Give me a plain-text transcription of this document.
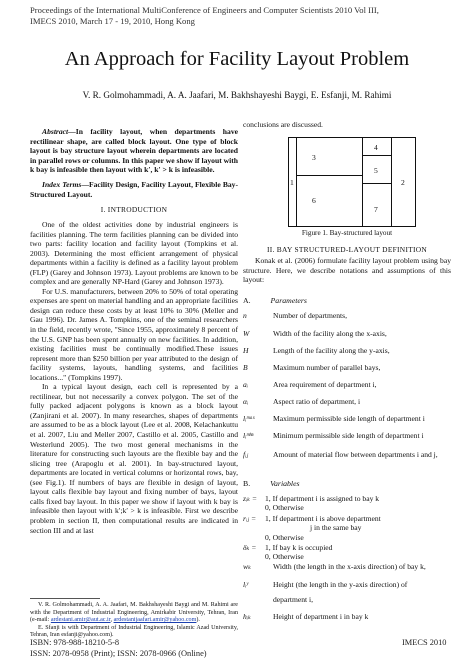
Proceedings of the International MultiConference of Engineers and Computer Scientists 2010 Vol III,
IMECS 2010, March 17 - 19, 2010, Hong Kong
An Approach for Facility Layout Problem
V. R. Golmohammadi, A. A. Jaafari, M. Bakhshayeshi Baygi, E. Esfanji, M. Rahimi
Abstract—In facility layout, when departments have rectilinear shape, are called block layout. One type of block layout is bay structure layout wherein departments are located in parallel rows or columns. In this paper we show if layout with k bay is infeasible then layout with k′, k′ > k is infeasible.
Index Terms—Facility Design, Facility Layout, Flexible Bay-Structured Layout.
I. INTRODUCTION

One of the oldest activities done by industrial engineers is facilities planning. The term facilities planning can be divided into two parts: facility location and facility layout (Tompkins et al. 2003). Determining the most efficient arrangement of physical departments within a facility is defined as a facility layout problem (FLP) (Garey and Johnson 1973). Layout problems are known to be complex and are generally NP-Hard (Garey and Johnson 1973).

For U.S. manufacturers, between 20% to 50% of total operating expenses are spent on material handling and an appropriate facilities design can reduce these costs by at least 10% to 30% (Meller and Gau 1996). Dr. James A. Tompkins, one of the seminal researchers in the field, recently wrote, "Since 1955, approximately 8 percent of the U.S. GNP has been spent annually on new facilities. In addition, existing facilities must be continually modified.These issues represent more than $250 billion per year attributed to the design of facility systems, layouts, handling systems, and facilities locations..." (Tompkins 1997).

In a typical layout design, each cell is represented by a rectilinear, but not necessarily a convex polygon. The set of the fully packed adjacent polygons is known as a block layout (Zanjirani et al. 2007). In many researches, shapes of departments are assumed to be as a block layout (Lee et al. 2008, Kelachankuttu et al. 2007, Liu and Meller 2007, Castillo et al. 2005, Castillo and Westerlund 2005). The two most general mechanisms in the literature for constructing such layouts are the flexible bay and the slicing tree (Arapoglu et al. 2001). In bay-structured layout, departments are located in vertical columns or horizontal rows, bay, (see Fig.1). If numbers of bays are flexible in design of layout, layout calls flexible bay layout and fixing number of bays, layout calls fixed bay layout. In this paper we show if layout with k bay is infeasible then layout with k′;k′ > k is infeasible. First we describe problem in section II, then computational results are indicated in section III and at last

V. R. Golmohammadi, A. A. Jaafari, M. Bakhshayeshi Baygi and M. Rahimi are with the Department of Industrial Engineering, Amirkabir University, Tehran, Iran (e-mail: ardestani.amir@aut.ac.ir, ardestanijaafari.amir@yahoo.com).
E. Sfanji is with Department of Industrial Engineering, Islamic Azad University, Tehran, Iran esfanji@yahoo.com).
ISBN: 978-988-18210-5-8
ISSN: 2078-0958 (Print); ISSN: 2078-0966 (Online)
IMECS 2010
conclusions are discussed.
1	2
3
4
5
6
7
Figure 1. Bay-structured layout
II. BAY STRUCTURED-LAYOUT DEFINITION

Konak et al. (2006) formulate facility layout problem using bay structure. Here, we describe notations and assumptions of this layout:

A.	Parameters
n	Number of departments,
W	Width of the facility along the x-axis,
H	Length of the facility along the y-axis,
B	Maximum number of parallel bays,
aᵢ	Area requirement of department i,
αᵢ	Aspect ratio of department, i
lᵢᵐᵃˣ	Maximum permissible side length of department i
lᵢᵐⁱⁿ	Minimum permissible side length of department i
fᵢⱼ	Amount of material flow between departments i and j,
B.	Variables
zᵢₖ =	1, If department i is assigned to bay k
0, Otherwise
rᵢⱼ =	1, If department i is above department
j in the same bay
0, Otherwise
δₖ =	1, If bay k is occupied
0, Otherwise
wₖ	Width (the length in the x-axis direction) of bay k,
lᵢʸ	Height (the length in the y-axis direction) of
department i,
hᵢₖ	Height of department i in bay k
